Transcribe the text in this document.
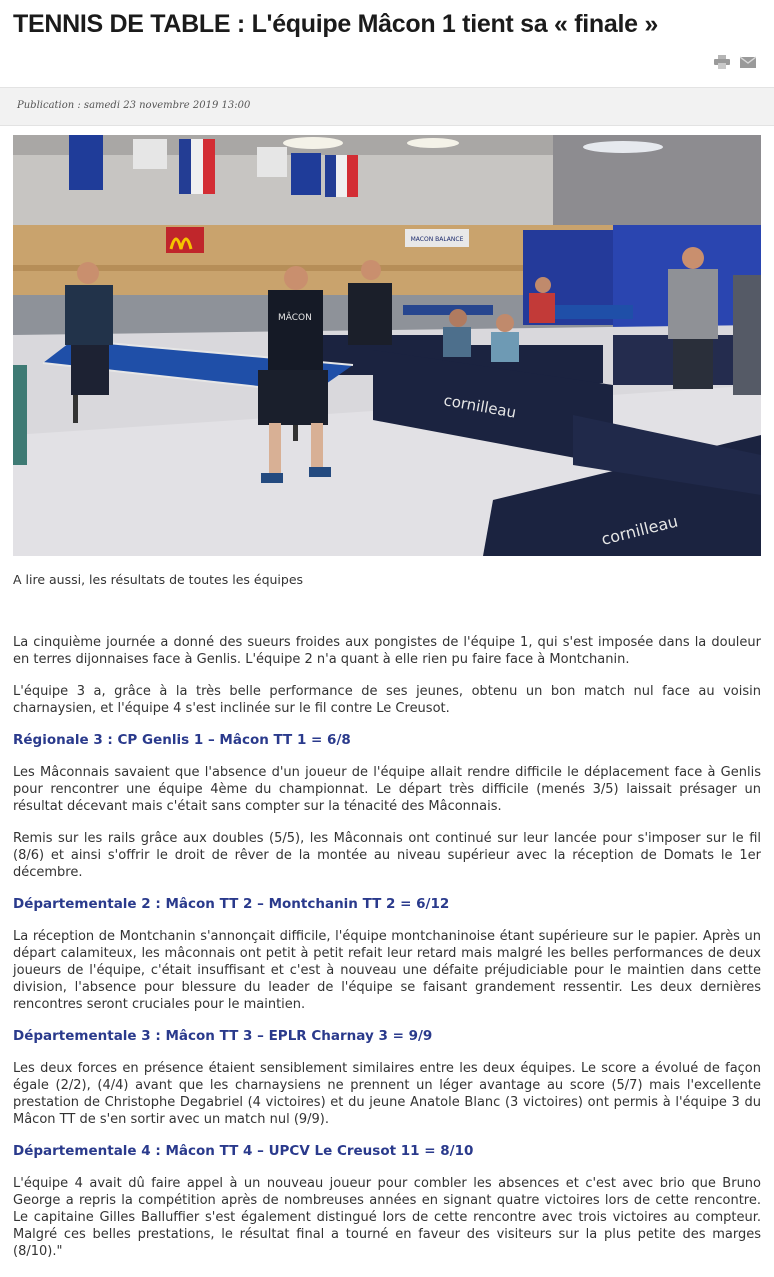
TENNIS DE TABLE : L'équipe Mâcon 1 tient sa « finale »
Publication : samedi 23 novembre 2019 13:00
MACON BALANCE
cornilleau
cornilleau
MÂCON
A lire aussi, les résultats de toutes les équipes

La cinquième journée a donné des sueurs froides aux pongistes de l'équipe 1, qui s'est imposée dans la douleur en terres dijonnaises face à Genlis. L'équipe 2 n'a quant à elle rien pu faire face à Montchanin.

L'équipe 3 a, grâce à la très belle performance de ses jeunes, obtenu un bon match nul face au voisin charnaysien, et l'équipe 4 s'est inclinée sur le fil contre Le Creusot.

Régionale 3 : CP Genlis 1 – Mâcon TT 1 = 6/8

Les Mâconnais savaient que l'absence d'un joueur de l'équipe allait rendre difficile le déplacement face à Genlis pour rencontrer une équipe 4ème du championnat. Le départ très difficile (menés 3/5) laissait présager un résultat décevant mais c'était sans compter sur la ténacité des Mâconnais.

Remis sur les rails grâce aux doubles (5/5), les Mâconnais ont continué sur leur lancée pour s'imposer sur le fil (8/6) et ainsi s'offrir le droit de rêver de la montée au niveau supérieur avec la réception de Domats le 1er décembre.

Départementale 2 : Mâcon TT 2 – Montchanin TT 2 = 6/12

La réception de Montchanin s'annonçait difficile, l'équipe montchaninoise étant supérieure sur le papier. Après un départ calamiteux, les mâconnais ont petit à petit refait leur retard mais malgré les belles performances de deux joueurs de l'équipe, c'était insuffisant et c'est à nouveau une défaite préjudiciable pour le maintien dans cette division, l'absence pour blessure du leader de l'équipe se faisant grandement ressentir. Les deux dernières rencontres seront cruciales pour le maintien.

Départementale 3 : Mâcon TT 3 – EPLR Charnay 3 = 9/9

Les deux forces en présence étaient sensiblement similaires entre les deux équipes. Le score a évolué de façon égale (2/2), (4/4) avant que les charnaysiens ne prennent un léger avantage au score (5/7) mais l'excellente prestation de Christophe Degabriel (4 victoires) et du jeune Anatole Blanc (3 victoires) ont permis à l'équipe 3 du Mâcon TT de s'en sortir avec un match nul (9/9).

Départementale 4 : Mâcon TT 4 – UPCV Le Creusot 11 = 8/10

L'équipe 4 avait dû faire appel à un nouveau joueur pour combler les absences et c'est avec brio que Bruno George a repris la compétition après de nombreuses années en signant quatre victoires lors de cette rencontre. Le capitaine Gilles Balluffier s'est également distingué lors de cette rencontre avec trois victoires au compteur. Malgré ces belles prestations, le résultat final a tourné en faveur des visiteurs sur la plus petite des marges (8/10)."
